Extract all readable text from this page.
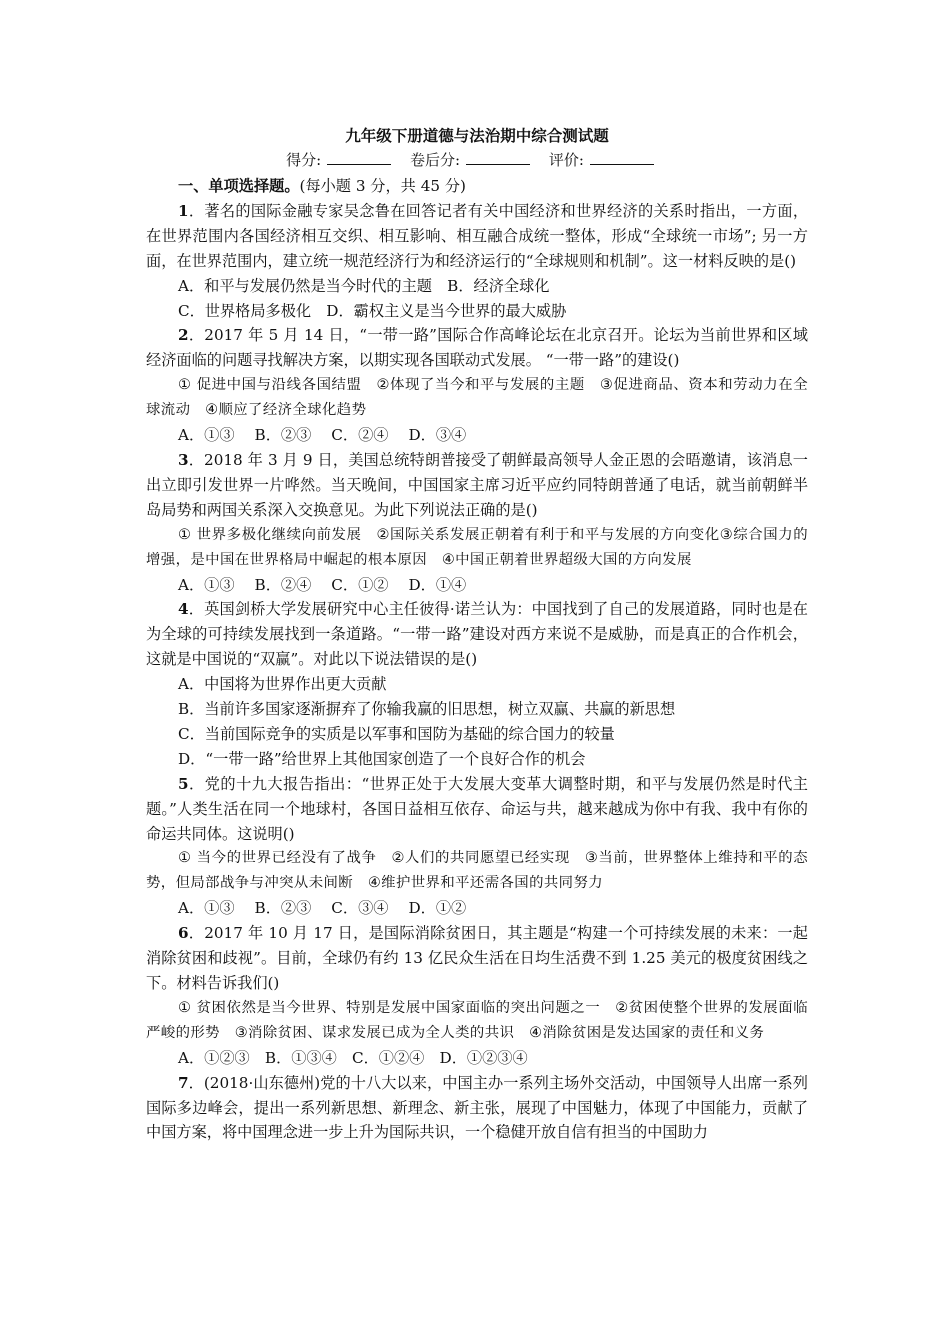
九年级下册道德与法治期中综合测试题

得分:	卷后分:	评价:

一、单项选择题。(每小题 3 分，共 45 分)

1．著名的国际金融专家吴念鲁在回答记者有关中国经济和世界经济的关系时指出，一方面，在世界范围内各国经济相互交织、相互影响、相互融合成统一整体，形成“全球统一市场”; 另一方面，在世界范围内，建立统一规范经济行为和经济运行的“全球规则和机制”。这一材料反映的是()

A．和平与发展仍然是当今时代的主题　B．经济全球化

C．世界格局多极化　D．霸权主义是当今世界的最大威胁

2．2017 年 5 月 14 日，“一带一路”国际合作高峰论坛在北京召开。论坛为当前世界和区域经济面临的问题寻找解决方案，以期实现各国联动式发展。 “一带一路”的建设()

① 促进中国与沿线各国结盟　②体现了当今和平与发展的主题　③促进商品、资本和劳动力在全球流动　④顺应了经济全球化趋势

A．①③　 B．②③　 C．②④　 D．③④

3．2018 年 3 月 9 日，美国总统特朗普接受了朝鲜最高领导人金正恩的会晤邀请，该消息一出立即引发世界一片哗然。当天晚间，中国国家主席习近平应约同特朗普通了电话，就当前朝鲜半岛局势和两国关系深入交换意见。为此下列说法正确的是()

① 世界多极化继续向前发展　②国际关系发展正朝着有利于和平与发展的方向变化③综合国力的增强，是中国在世界格局中崛起的根本原因　④中国正朝着世界超级大国的方向发展

A．①③　 B．②④　 C．①②　 D．①④

4．英国剑桥大学发展研究中心主任彼得·诺兰认为：中国找到了自己的发展道路，同时也是在为全球的可持续发展找到一条道路。“一带一路”建设对西方来说不是威胁，而是真正的合作机会，这就是中国说的“双赢”。对此以下说法错误的是()

A．中国将为世界作出更大贡献

B．当前许多国家逐渐摒弃了你输我赢的旧思想，树立双赢、共赢的新思想

C．当前国际竞争的实质是以军事和国防为基础的综合国力的较量

D．“一带一路”给世界上其他国家创造了一个良好合作的机会

5．党的十九大报告指出：“世界正处于大发展大变革大调整时期，和平与发展仍然是时代主题。”人类生活在同一个地球村，各国日益相互依存、命运与共，越来越成为你中有我、我中有你的命运共同体。这说明()

① 当今的世界已经没有了战争　②人们的共同愿望已经实现　③当前，世界整体上维持和平的态势，但局部战争与冲突从未间断　④维护世界和平还需各国的共同努力

A．①③　 B．②③　 C．③④　 D．①②

6．2017 年 10 月 17 日，是国际消除贫困日，其主题是“构建一个可持续发展的未来：一起消除贫困和歧视”。目前，全球仍有约 13 亿民众生活在日均生活费不到 1.25 美元的极度贫困线之下。材料告诉我们()

① 贫困依然是当今世界、特别是发展中国家面临的突出问题之一　②贫困使整个世界的发展面临严峻的形势　③消除贫困、谋求发展已成为全人类的共识　④消除贫困是发达国家的责任和义务

A．①②③　B．①③④　C．①②④　D．①②③④

7．(2018·山东德州)党的十八大以来，中国主办一系列主场外交活动，中国领导人出席一系列国际多边峰会，提出一系列新思想、新理念、新主张，展现了中国魅力，体现了中国能力，贡献了中国方案，将中国理念进一步上升为国际共识，一个稳健开放自信有担当的中国助力
